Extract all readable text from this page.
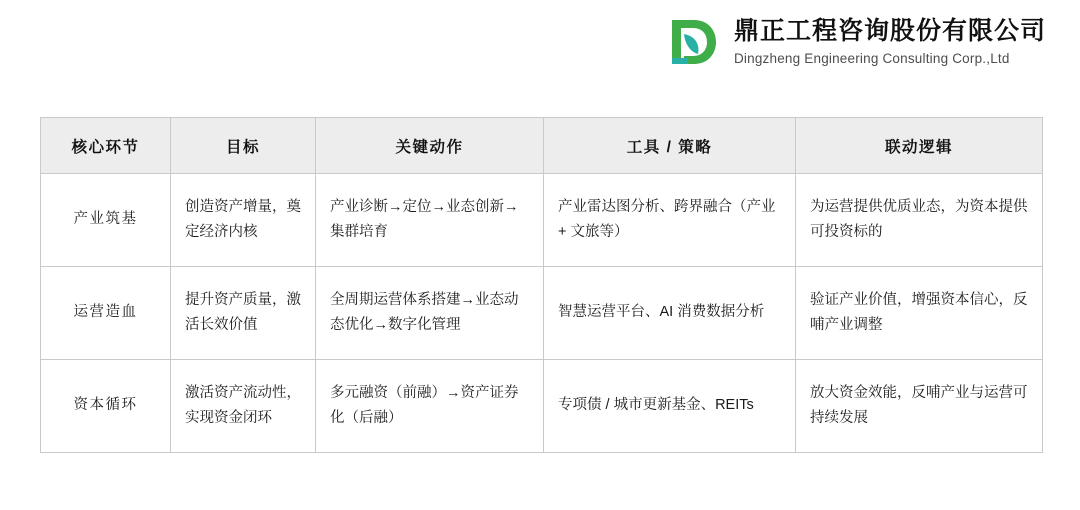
鼎正工程咨询股份有限公司
Dingzheng Engineering Consulting Corp.,Ltd
核心环节	目标	关键动作	工具 / 策略	联动逻辑
产业筑基	创造资产增量，奠定经济内核	产业诊断→定位→业态创新→集群培育	产业雷达图分析、跨界融合（产业 + 文旅等）	为运营提供优质业态，为资本提供可投资标的
运营造血	提升资产质量，激活长效价值	全周期运营体系搭建→业态动态优化→数字化管理	智慧运营平台、AI 消费数据分析	验证产业价值，增强资本信心，反哺产业调整
资本循环	激活资产流动性，实现资金闭环	多元融资（前融）→资产证券化（后融）	专项债 / 城市更新基金、REITs	放大资金效能，反哺产业与运营可持续发展
